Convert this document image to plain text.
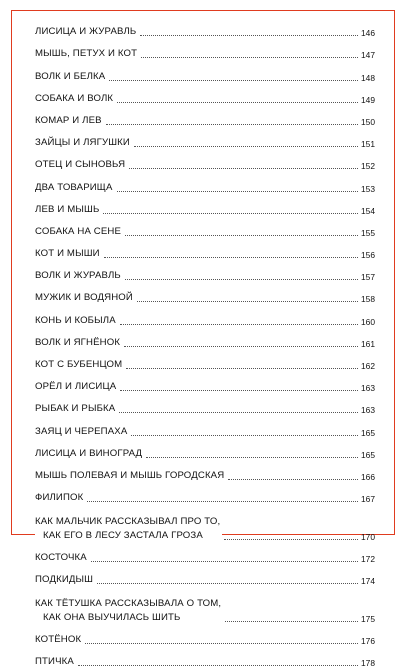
ЛИСИЦА И ЖУРАВЛЬ	146
МЫШЬ, ПЕТУХ И КОТ	147
ВОЛК И БЕЛКА	148
СОБАКА И ВОЛК	149
КОМАР И ЛЕВ	150
ЗАЙЦЫ И ЛЯГУШКИ	151
ОТЕЦ И СЫНОВЬЯ	152
ДВА ТОВАРИЩА	153
ЛЕВ И МЫШЬ	154
СОБАКА НА СЕНЕ	155
КОТ И МЫШИ	156
ВОЛК И ЖУРАВЛЬ	157
МУЖИК И ВОДЯНОЙ	158
КОНЬ И КОБЫЛА	160
ВОЛК И ЯГНЁНОК	161
КОТ С БУБЕНЦОМ	162
ОРЁЛ И ЛИСИЦА	163
РЫБАК И РЫБКА	163
ЗАЯЦ И ЧЕРЕПАХА	165
ЛИСИЦА И ВИНОГРАД	165
МЫШЬ ПОЛЕВАЯ И МЫШЬ ГОРОДСКАЯ	166
ФИЛИПОК	167
КАК МАЛЬЧИК РАССКАЗЫВАЛ ПРО ТО,
КАК ЕГО В ЛЕСУ ЗАСТАЛА ГРОЗА	170
КОСТОЧКА	172
ПОДКИДЫШ	174
КАК ТЁТУШКА РАССКАЗЫВАЛА О ТОМ,
КАК ОНА ВЫУЧИЛАСЬ ШИТЬ	175
КОТЁНОК	176
ПТИЧКА	178
